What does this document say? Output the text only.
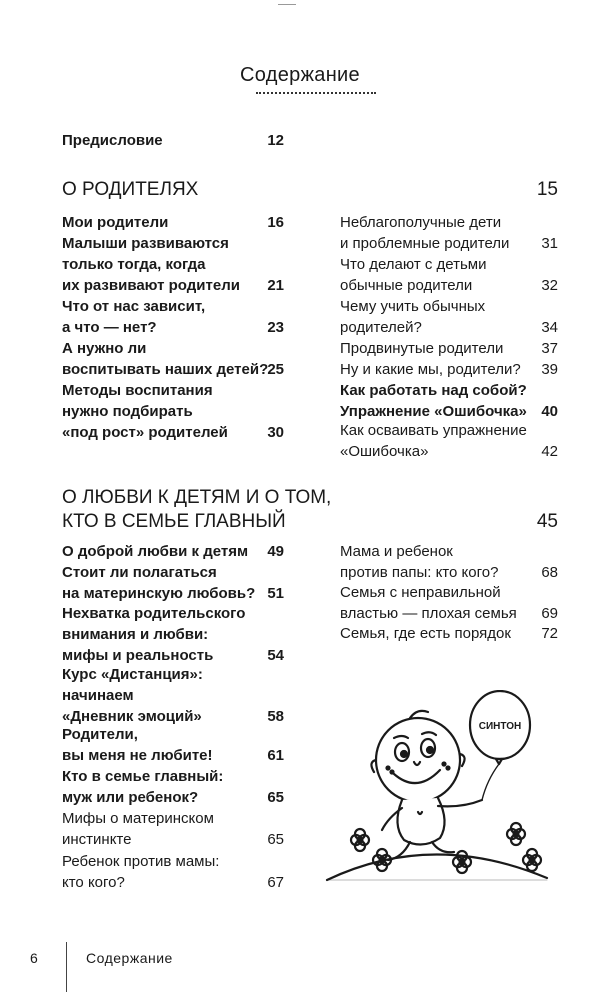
Содержание
Предисловие	12
О РОДИТЕЛЯХ	15
Мои родители	16
Малыши развиваются
только тогда, когда
их развивают родители	21
Что от нас зависит,
а что — нет?	23
А нужно ли
воспитывать наших детей? 25
Методы воспитания
нужно подбирать
«под рост» родителей	30
Неблагополучные дети
и проблемные родители	31
Что делают с детьми
обычные родители	32
Чему учить обычных
родителей?	34
Продвинутые родители	37
Ну и какие мы, родители?	39
Как работать над собой?
Упражнение «Ошибочка» 40
Как осваивать упражнение
«Ошибочка»	42
О ЛЮБВИ К ДЕТЯМ И О ТОМ,
КТО В СЕМЬЕ ГЛАВНЫЙ	45
О доброй любви к детям	49
Стоит ли полагаться
на материнскую любовь? 51
Нехватка родительского
внимания и любви:
мифы и реальность	54
Курс «Дистанция»:
начинаем
«Дневник эмоций»	58
Родители,
вы меня не любите!	61
Кто в семье главный:
муж или ребенок?	65
Мифы о материнском
инстинкте	65
Ребенок против мамы:
кто кого?	67
Мама и ребенок
против папы: кто кого?	68
Семья с неправильной
властью — плохая семья	69
Семья, где есть порядок	72
СИНТОН
6	Содержание
